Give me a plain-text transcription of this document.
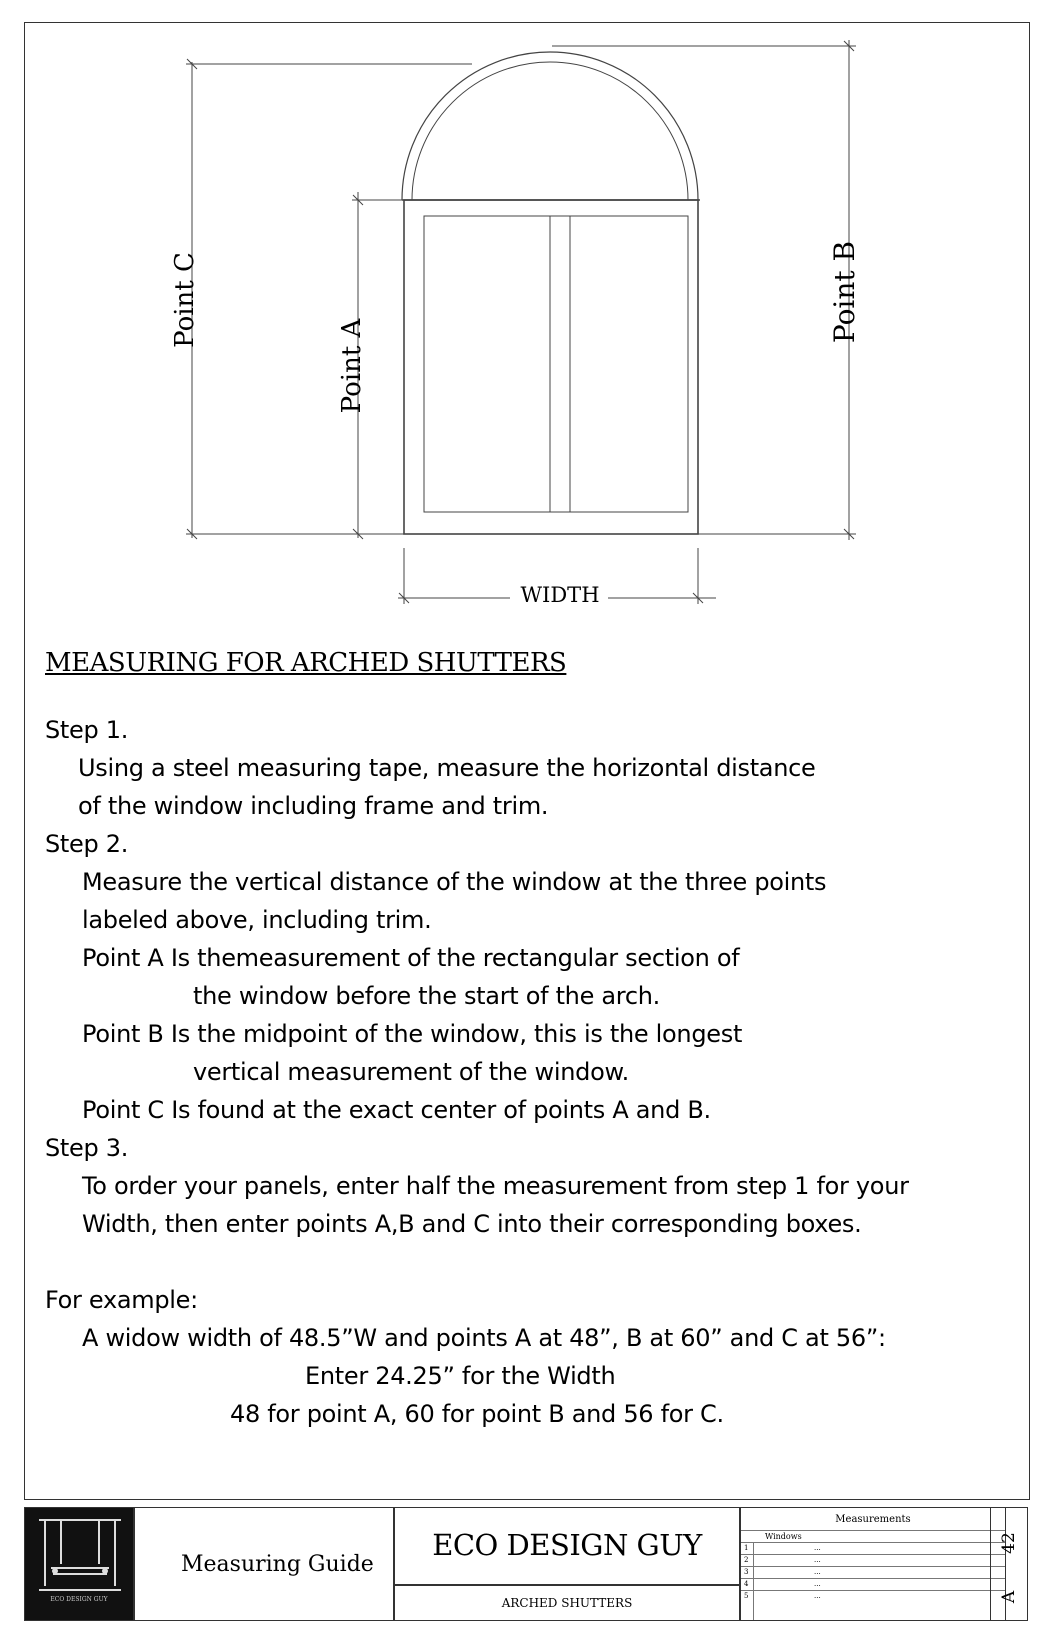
WIDTH
Point C
Point A
Point B
MEASURING FOR ARCHED SHUTTERS
Step 1.
Using a steel measuring tape, measure the horizontal distance
of the window including frame and trim.
Step 2.
Measure the vertical distance of the window at the three points
labeled above, including trim.
Point A Is themeasurement of the rectangular section of
the window before the start of the arch.
Point B Is the midpoint of the window, this is the longest
vertical measurement of the window.
Point C Is found at the exact center of points A and B.
Step 3.
To order your panels, enter half the measurement from step 1 for your
Width, then enter points A,B and C into their corresponding boxes.
For example:
A widow width of 48.5”W and points A at 48”, B at 60” and C at 56”:
Enter 24.25” for the Width
48 for point A, 60 for point B and 56 for C.
ECO DESIGN GUY
Measuring Guide
ECO DESIGN GUY
ARCHED SHUTTERS
Measurements
Windows
1	...
2	...
3	...
4	...
5	...
42
A
